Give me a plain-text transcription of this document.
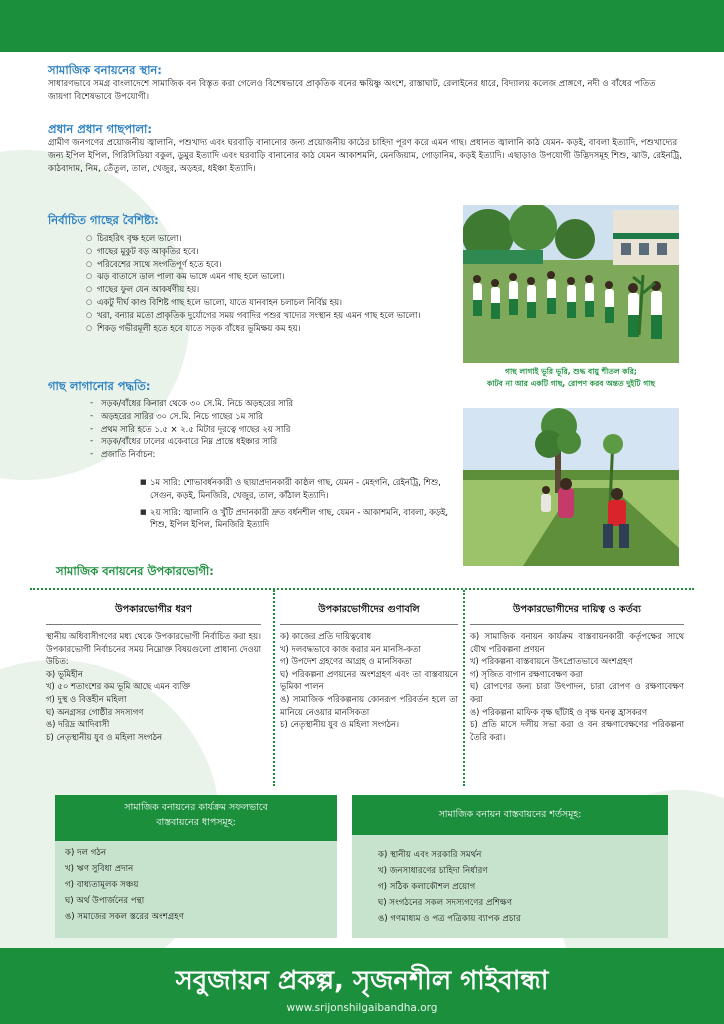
সামাজিক বনায়নের স্থান:
সাধারণভাবে সমগ্র বাংলাদেশে সামাজিক বন বিস্তৃত করা গেলেও বিশেষভাবে প্রাকৃতিক বনের ক্ষয়িষ্ণু অংশে, রাস্তাঘাট, রেলাইনের ধারে, বিদ্যালয় কলেজ প্রাঙ্গণে, নদী ও বাঁধের পতিত জায়গা বিশেষভাবে উপযোগী।
প্রধান প্রধান গাছপালা:
গ্রামীণ জনগণের প্রয়োজনীয় জ্বালানি, পশুখাদ্য এবং ঘরবাড়ি বানানোর জন্য প্রয়োজনীয় কাঠের চাহিদা পূরণ করে এমন গাছ। প্রধানত জ্বালানি কাঠ যেমন- কড়ই, বাবলা ইত্যাদি, পশুখাদ্যের জন্য ইপিল ইপিল, গিরিসিডিয়া বকুল, ডুমুর ইত্যাদি এবং ঘরবাড়ি বানানোর কাঠ যেমন আকাশমনি, মেনজিয়াম, গোড়ানিম, কড়ই ইত্যাদি। এছাড়াও উপযোগী উদ্ভিদসমূহ শিশু, ঝাউ, রেইনট্রি, কাঠবাদাম, নিম, তেঁতুল, তাল, খেজুর, অড়হর, ধইঞ্চা ইত্যাদি।
নির্বাচিত গাছের বৈশিষ্ট্য:
○ চিরহরিৎ বৃক্ষ হলে ভালো।
○ গাছের মুকুট বড় আকৃতির হবে।
○ পরিবেশের সাথে সংগতিপূর্ণ হতে হবে।
○ ঝড় বাতাসে ডাল পালা কম ভাঙ্গে এমন গাছ হলে ভালো।
○ গাছের ফুল যেন আকর্ষণীয় হয়।
○ একটু দীর্ঘ কাণ্ড বিশিষ্ট গাছ হলে ভালো, যাতে যানবাহন চলাচল নির্বিঘ্ন হয়।
○ খরা, বন্যার মতো প্রাকৃতিক দুর্যোগের সময় গবাদির পশুর খাদ্যের সংস্থান হয় এমন গাছ হলে ভালো।
○ শিকড় গভীরমূলী হতে হবে যাতে সড়ক বাঁধের ভূমিক্ষয় কম হয়।
গাছ লাগাই ভূরি ভূরি, শুদ্ধ বায়ু শীতল করি;
কাটব না আর একটি গাছ, রোপণ করব অন্তত দুইটি গাছ
গাছ লাগানোর পদ্ধতি:
- সড়ক/বাঁধের কিনারা থেকে ৩০ সে.মি. নিচে অড়হরের সারি
- অড়হরের সারির ৩০ সে.মি. নিচে গাছের ১ম সারি
- প্রথম সারি হতে ১.৫ × ২.৫ মিটার দূরত্বে গাছের ২য় সারি
- সড়ক/বাঁধের ঢালের একেবারে নিম্ন প্রান্তে ধইঞ্চার সারি
- প্রজাতি নির্বাচন:
■ ১ম সারি: শোভাবর্ধনকারী ও ছায়াপ্রদানকারী কাষ্ঠল গাছ, যেমন - মেহগনি, রেইনট্রি, শিশু, সেগুন, কড়ই, মিনজিরি, খেজুর, তাল, কাঁঠাল ইত্যাদি।
■ ২য় সারি: জ্বালানি ও খুঁটি প্রদানকারী দ্রুত বর্ধনশীল গাছ, যেমন - আকাশমনি, বাবলা, কড়ই, শিশু, ইপিল ইপিল, মিনজিরি ইত্যাদি
সামাজিক বনায়নের উপকারভোগী:
উপকারভোগীর ধরণ	উপকারভোগীদের গুণাবলি	উপকারভোগীদের দায়িত্ব ও কর্তব্য
স্থানীয় অধিবাসীগণের মধ্য থেকে উপকারভোগী নির্বাচিত করা হয়। উপকারভোগী নির্বাচনের সময় নিম্নোক্ত বিষয়গুলো প্রাধান্য দেওয়া উচিত:
ক) ভূমিহীন
খ) ৫০ শতাংশের কম ভূমি আছে এমন ব্যক্তি
গ) দুস্থ ও বিত্তহীন মহিলা
ঘ) অনগ্রসর গোষ্ঠীর সদস্যগণ
ঙ) দরিদ্র আদিবাসী
চ) নেতৃস্থানীয় যুব ও মহিলা সংগঠন
ক) কাজের প্রতি দায়িত্ববোধ
খ) দলবদ্ধভাবে কাজ করার মন মানসি-কতা
গ) উপদেশ গ্রহণের আগ্রহ ও মানসিকতা
ঘ) পরিকল্পনা প্রণয়নের অংশগ্রহণ এবং তা বাস্তবায়নে ভূমিকা পালন
ঙ) সামাজিক পরিকল্পনায় কোনরূপ পরিবর্তন হলে তা মানিয়ে নেওয়ার মানসিকতা
চ) নেতৃস্থানীয় যুব ও মহিলা সংগঠন।
ক) সামাজিক বনায়ন কার্যক্রম বাস্তবায়নকারী কর্তৃপক্ষের সাথে যৌথ পরিকল্পনা প্রণয়ন
খ) পরিকল্পনা বাস্তবায়নে উৎপ্রোতভাবে অংশগ্রহণ
গ) সৃজিত বাগান রক্ষণাবেক্ষণ করা
ঘ) রোপণের জন্য চারা উৎপাদন, চারা রোপণ ও রক্ষণাবেক্ষণ করা
ঙ) পরিকল্পনা মাফিক বৃক্ষ ছাঁটাই ও বৃক্ষ ঘনত্ব হ্রাসকরণ
চ) প্রতি মাসে দলীয় সভা করা ও বন রক্ষণাবেক্ষণের পরিকল্পনা তৈরি করা।
সামাজিক বনায়নের কার্যক্রম সফলভাবে
বাস্তবায়নের ধাপসমূহ:
ক) দল গঠন
খ) ঋণ সুবিধা প্রদান
গ) বাধ্যতামূলক সঞ্চয়
ঘ) অর্থ উপার্জনের পন্থা
ঙ) সমাজের সকল স্তরের অংশগ্রহণ
সামাজিক বনায়ন বাস্তবায়নের শর্তসমূহ:
ক) স্থানীয় এবং সরকারি সমর্থন
খ) জনসাধারণের চাহিদা নির্ধারণ
গ) সঠিক কলাকৌশল প্রয়োগ
ঘ) সংগঠনের সকল সদস্যগণের প্রশিক্ষণ
ঙ) গণমাধ্যম ও পত্র পত্রিকায় ব্যাপক প্রচার
সবুজায়ন প্রকল্প, সৃজনশীল গাইবান্ধা
www.srijonshilgaibandha.org
